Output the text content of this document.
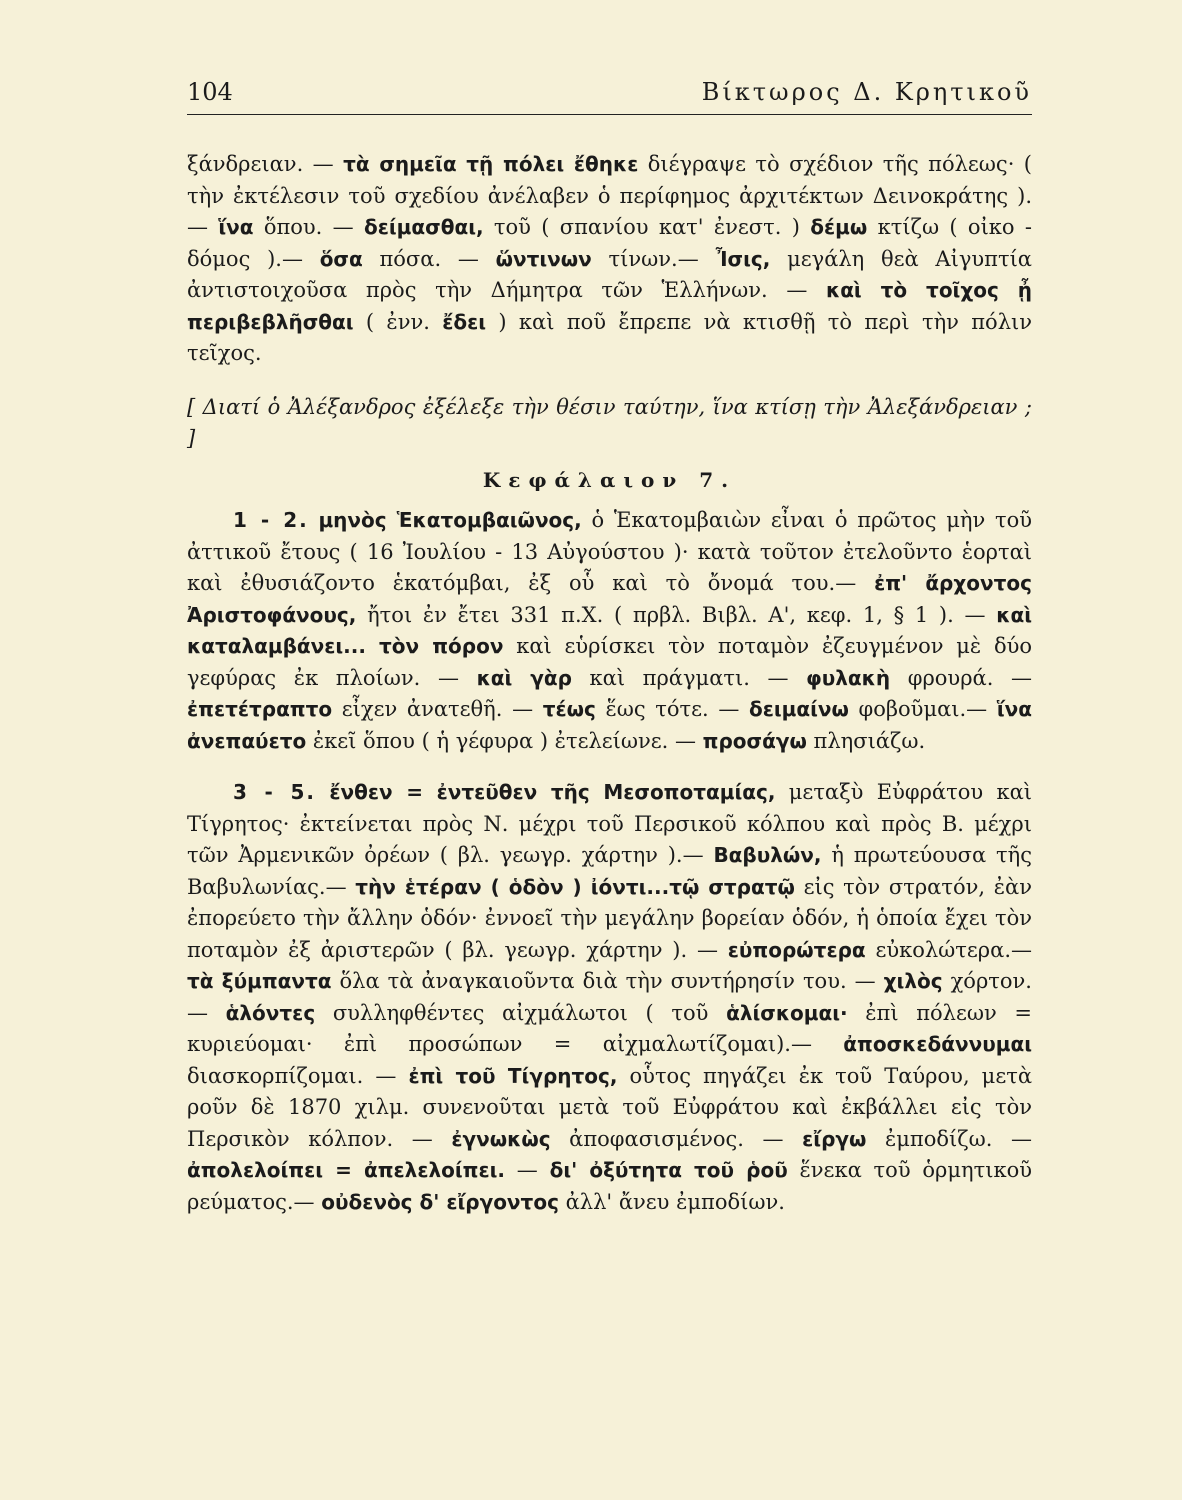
104	Βίκτωρος Δ. Κρητικοῦ

ξάνδρειαν. — τὰ σημεῖα τῇ πόλει ἔθηκε διέγραψε τὸ σχέδιον τῆς πόλεως· ( τὴν ἐκτέλεσιν τοῦ σχεδίου ἀνέλαβεν ὁ περίφημος ἀρχιτέκτων Δεινοκράτης ). — ἵνα ὅπου. — δείμασθαι, τοῦ ( σπανίου κατ' ἐνεστ. ) δέμω κτίζω ( οἰκο - δόμος ).— ὅσα πόσα. — ὥντινων τίνων.— Ἶσις, μεγάλη θεὰ Αἰγυπτία ἀντιστοιχοῦσα πρὸς τὴν Δήμητρα τῶν Ἑλλήνων. — καὶ τὸ τοῖχος ᾖ περιβεβλῆσθαι ( ἐνν. ἔδει ) καὶ ποῦ ἔπρεπε νὰ κτισθῇ τὸ περὶ τὴν πόλιν τεῖχος.

[ Διατί ὁ Ἀλέξανδρος ἐξέλεξε τὴν θέσιν ταύτην, ἵνα κτίσῃ τὴν Ἀλεξάνδρειαν ; ]

Κεφάλαιον 7.

1 - 2. μηνὸς Ἑκατομβαιῶνος, ὁ Ἑκατομβαιὼν εἶναι ὁ πρῶτος μὴν τοῦ ἀττικοῦ ἔτους ( 16 Ἰουλίου - 13 Αὐγούστου )· κατὰ τοῦτον ἐτελοῦντο ἑορταὶ καὶ ἐθυσιάζοντο ἑκατόμβαι, ἐξ οὗ καὶ τὸ ὄνομά του.— ἐπ' ἄρχοντος Ἀριστοφάνους, ἤτοι ἐν ἔτει 331 π.Χ. ( πρβλ. Βιβλ. Α', κεφ. 1, § 1 ). — καὶ καταλαμβάνει... τὸν πόρον καὶ εὑρίσκει τὸν ποταμὸν ἐζευγμένον μὲ δύο γεφύρας ἐκ πλοίων. — καὶ γὰρ καὶ πράγματι. — φυλακὴ φρουρά. — ἐπετέτραπτο εἶχεν ἀνατεθῆ. — τέως ἕως τότε. — δειμαίνω φοβοῦμαι.— ἵνα ἀνεπαύετο ἐκεῖ ὅπου ( ἡ γέφυρα ) ἐτελείωνε. — προσάγω πλησιάζω.

3 - 5. ἔνθεν = ἐντεῦθεν τῆς Μεσοποταμίας, μεταξὺ Εὐφράτου καὶ Τίγρητος· ἐκτείνεται πρὸς Ν. μέχρι τοῦ Περσικοῦ κόλπου καὶ πρὸς Β. μέχρι τῶν Ἀρμενικῶν ὀρέων ( βλ. γεωγρ. χάρτην ).— Βαβυλών, ἡ πρωτεύουσα τῆς Βαβυλωνίας.— τὴν ἑτέραν ( ὁδὸν ) ἰόντι...τῷ στρατῷ εἰς τὸν στρατόν, ἐὰν ἐπορεύετο τὴν ἄλλην ὁδόν· ἐννοεῖ τὴν μεγάλην βορείαν ὁδόν, ἡ ὁποία ἔχει τὸν ποταμὸν ἐξ ἀριστερῶν ( βλ. γεωγρ. χάρτην ). — εὐπορώτερα εὐκολώτερα.— τὰ ξύμπαντα ὅλα τὰ ἀναγκαιοῦντα διὰ τὴν συντήρησίν του. — χιλὸς χόρτον. — ἁλόντες συλληφθέντες αἰχμάλωτοι ( τοῦ ἁλίσκομαι· ἐπὶ πόλεων = κυριεύομαι· ἐπὶ προσώπων = αἰχμαλωτίζομαι).— ἀποσκεδάννυμαι διασκορπίζομαι. — ἐπὶ τοῦ Τίγρητος, οὗτος πηγάζει ἐκ τοῦ Ταύρου, μετὰ ροῦν δὲ 1870 χιλμ. συνενοῦται μετὰ τοῦ Εὐφράτου καὶ ἐκβάλλει εἰς τὸν Περσικὸν κόλπον. — ἐγνωκὼς ἀποφασισμένος. — εἴργω ἐμποδίζω. — ἀπολελοίπει = ἀπελελοίπει. — δι' ὀξύτητα τοῦ ῥοῦ ἕνεκα τοῦ ὁρμητικοῦ ρεύματος.— οὐδενὸς δ' εἴργοντος ἀλλ' ἄνευ ἐμποδίων.
